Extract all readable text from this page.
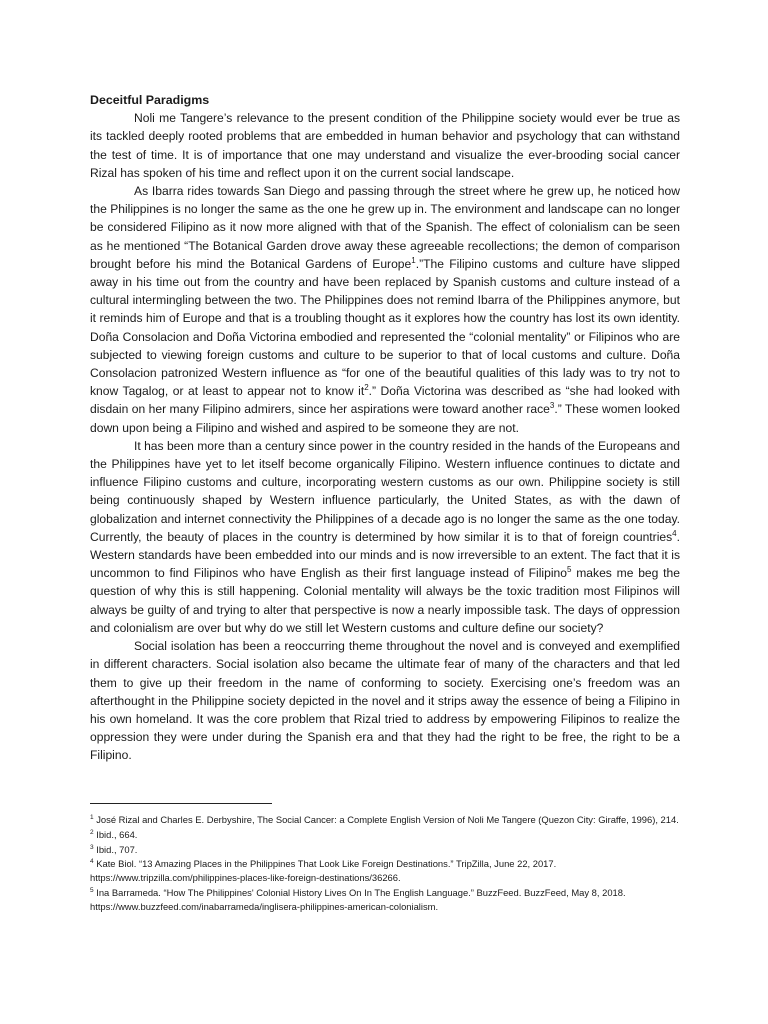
Deceitful Paradigms

Noli me Tangere’s relevance to the present condition of the Philippine society would ever be true as its tackled deeply rooted problems that are embedded in human behavior and psychology that can withstand the test of time. It is of importance that one may understand and visualize the ever-brooding social cancer Rizal has spoken of his time and reflect upon it on the current social landscape.

As Ibarra rides towards San Diego and passing through the street where he grew up, he noticed how the Philippines is no longer the same as the one he grew up in. The environment and landscape can no longer be considered Filipino as it now more aligned with that of the Spanish. The effect of colonialism can be seen as he mentioned “The Botanical Garden drove away these agreeable recollections; the demon of comparison brought before his mind the Botanical Gardens of Europe$^1$.”The Filipino customs and culture have slipped away in his time out from the country and have been replaced by Spanish customs and culture instead of a cultural intermingling between the two. The Philippines does not remind Ibarra of the Philippines anymore, but it reminds him of Europe and that is a troubling thought as it explores how the country has lost its own identity. Doña Consolacion and Doña Victorina embodied and represented the “colonial mentality” or Filipinos who are subjected to viewing foreign customs and culture to be superior to that of local customs and culture. Doña Consolacion patronized Western influence as “for one of the beautiful qualities of this lady was to try not to know Tagalog, or at least to appear not to know $it^2$.” Doña Victorina was described as “she had looked with disdain on her many Filipino admirers, since her aspirations were toward another race$^3$.” These women looked down upon being a Filipino and wished and aspired to be someone they are not.

It has been more than a century since power in the country resided in the hands of the Europeans and the Philippines have yet to let itself become organically Filipino. Western influence continues to dictate and influence Filipino customs and culture, incorporating western customs as our own. Philippine society is still being continuously shaped by Western influence particularly, the United States, as with the dawn of globalization and internet connectivity the Philippines of a decade ago is no longer the same as the one today. Currently, the beauty of places in the country is determined by how similar it is to that of foreign countries$^4$. Western standards have been embedded into our minds and is now irreversible to an extent. The fact that it is uncommon to find Filipinos who have English as their first language instead of Filipino$^5$ makes me beg the question of why this is still happening. Colonial mentality will always be the toxic tradition most Filipinos will always be guilty of and trying to alter that perspective is now a nearly impossible task. The days of oppression and colonialism are over but why do we still let Western customs and culture define our society?

Social isolation has been a reoccurring theme throughout the novel and is conveyed and exemplified in different characters. Social isolation also became the ultimate fear of many of the characters and that led them to give up their freedom in the name of conforming to society. Exercising one’s freedom was an afterthought in the Philippine society depicted in the novel and it strips away the essence of being a Filipino in his own homeland. It was the core problem that Rizal tried to address by empowering Filipinos to realize the oppression they were under during the Spanish era and that they had the right to be free, the right to be a Filipino.

$^1$ José Rizal and Charles E. Derbyshire, The Social Cancer: a Complete English Version of Noli Me Tangere (Quezon City: Giraffe, 1996), 214.
$^2$ Ibid., 664.
$^3$ Ibid., 707.
$^4$ Kate Biol. “13 Amazing Places in the Philippines That Look Like Foreign Destinations.” TripZilla, June 22, 2017.
https://www.tripzilla.com/philippines-places-like-foreign-destinations/36266.
$^5$ Ina Barrameda. “How The Philippines' Colonial History Lives On In The English Language.” BuzzFeed. BuzzFeed, May 8, 2018.
https://www.buzzfeed.com/inabarrameda/inglisera-philippines-american-colonialism.
